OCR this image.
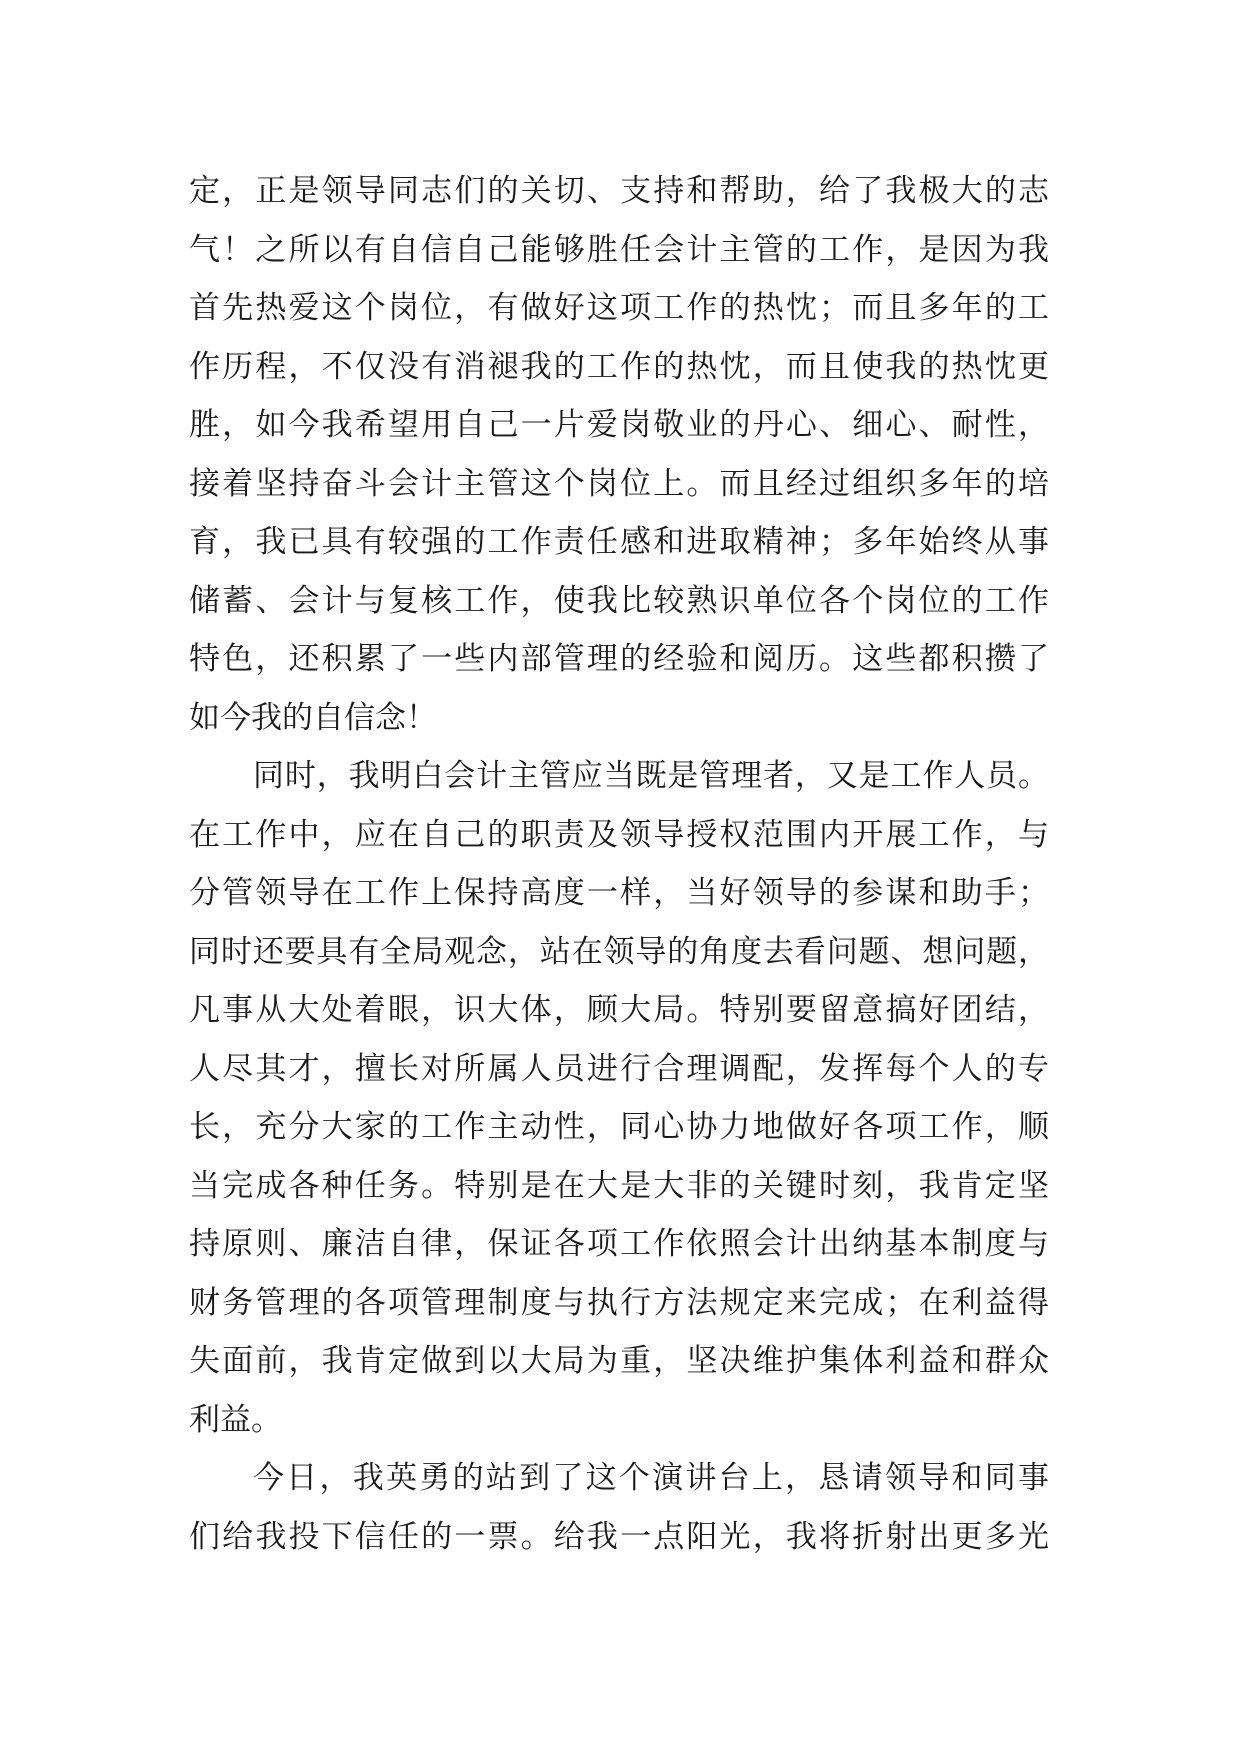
定，正是领导同志们的关切、支持和帮助，给了我极大的志
气！之所以有自信自己能够胜任会计主管的工作，是因为我
首先热爱这个岗位，有做好这项工作的热忱；而且多年的工
作历程，不仅没有消褪我的工作的热忱，而且使我的热忱更
胜，如今我希望用自己一片爱岗敬业的丹心、细心、耐性，
接着坚持奋斗会计主管这个岗位上。而且经过组织多年的培
育，我已具有较强的工作责任感和进取精神；多年始终从事
储蓄、会计与复核工作，使我比较熟识单位各个岗位的工作
特色，还积累了一些内部管理的经验和阅历。这些都积攒了
如今我的自信念！
同时，我明白会计主管应当既是管理者，又是工作人员。
在工作中，应在自己的职责及领导授权范围内开展工作，与
分管领导在工作上保持高度一样，当好领导的参谋和助手；
同时还要具有全局观念，站在领导的角度去看问题、想问题，
凡事从大处着眼，识大体，顾大局。特别要留意搞好团结，
人尽其才，擅长对所属人员进行合理调配，发挥每个人的专
长，充分大家的工作主动性，同心协力地做好各项工作，顺
当完成各种任务。特别是在大是大非的关键时刻，我肯定坚
持原则、廉洁自律，保证各项工作依照会计出纳基本制度与
财务管理的各项管理制度与执行方法规定来完成；在利益得
失面前，我肯定做到以大局为重，坚决维护集体利益和群众
利益。
今日，我英勇的站到了这个演讲台上，恳请领导和同事
们给我投下信任的一票。给我一点阳光，我将折射出更多光
